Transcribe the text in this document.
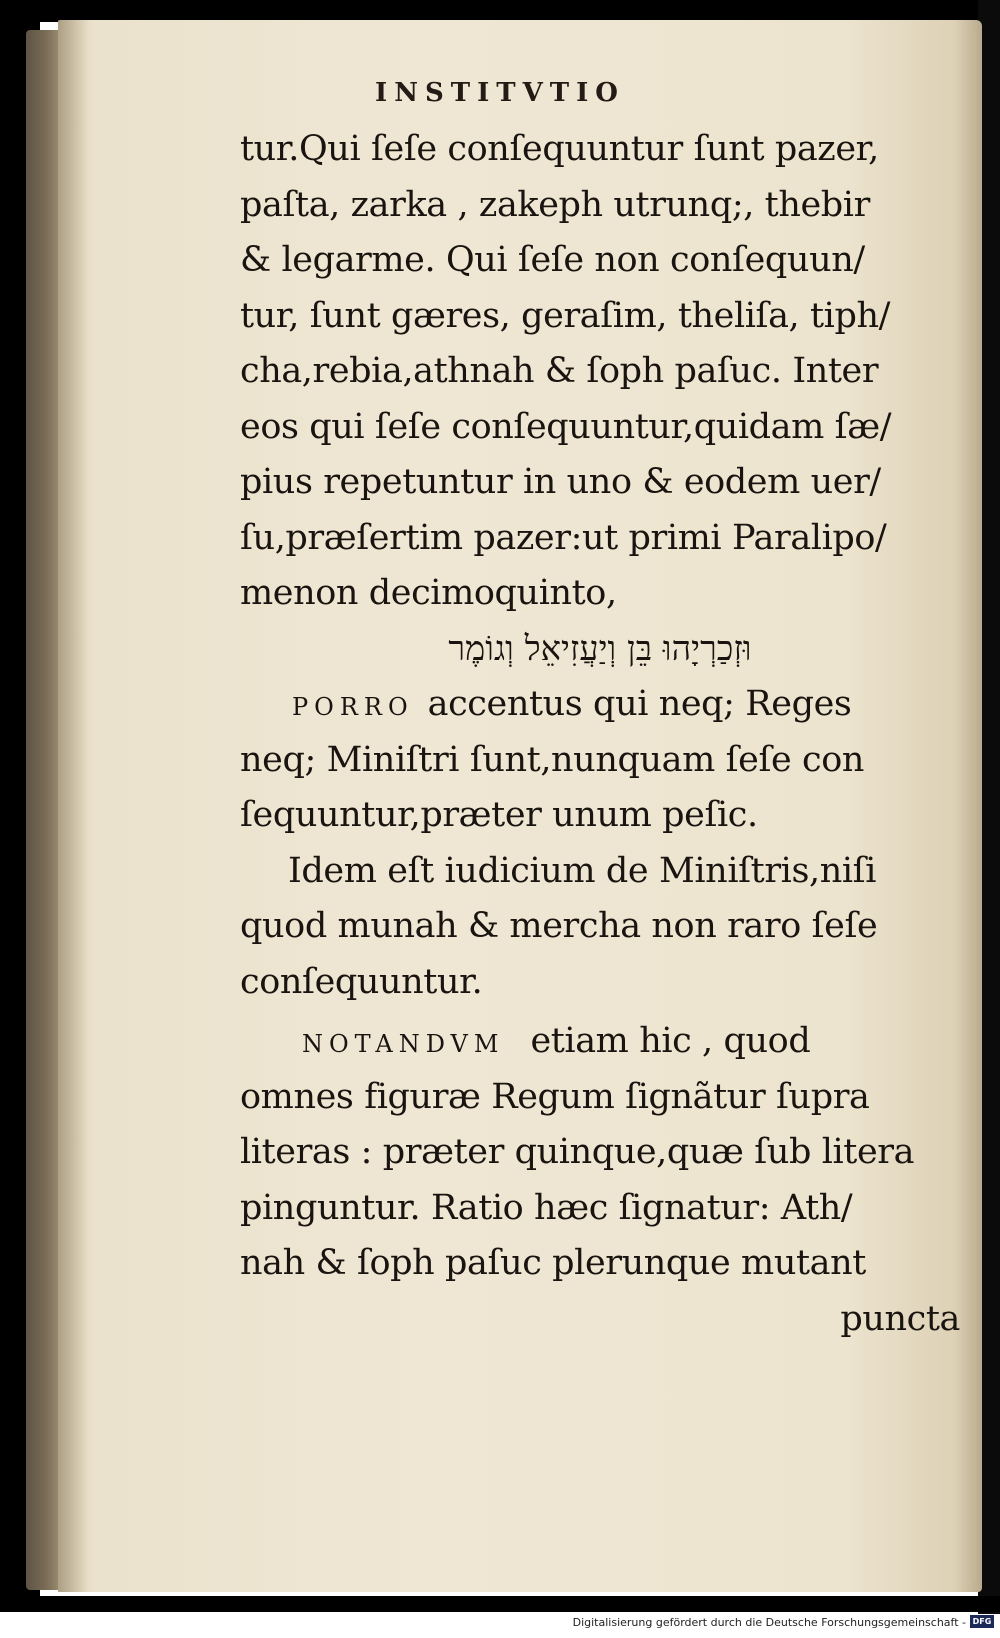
INSTITVTIO
tur.Qui ſeſe conſequuntur ſunt pazer,
paſta, zarka , zakeph utrunq;, thebir
& legarme. Qui ſeſe non conſequun/
tur, ſunt gæres, geraſim, theliſa, tiph/
cha,rebia,athnah & ſoph paſuc. Inter
eos qui ſeſe conſequuntur,quidam ſæ/
pius repetuntur in uno & eodem uer/
ſu,præſertim pazer:ut primi Paralipo/
menon decimoquinto,
וּזְכַרְיָהוּ בֵּן וְיַעֲזִיאֵל וְגוֹמֶר
PORRO accentus qui neq; Reges
neq; Miniſtri ſunt,nunquam ſeſe con
ſequuntur,præter unum peſic.
Idem eſt iudicium de Miniſtris,niſi
quod munah & mercha non raro ſeſe
conſequuntur.
NOTANDVM etiam hic , quod
omnes figuræ Regum ſignãtur ſupra
literas : præter quinque,quæ ſub litera
pinguntur. Ratio hæc ſignatur: Ath/
nah & ſoph paſuc plerunque mutant
puncta
Digitalisierung gefördert durch die Deutsche Forschungsgemeinschaft - DFG
